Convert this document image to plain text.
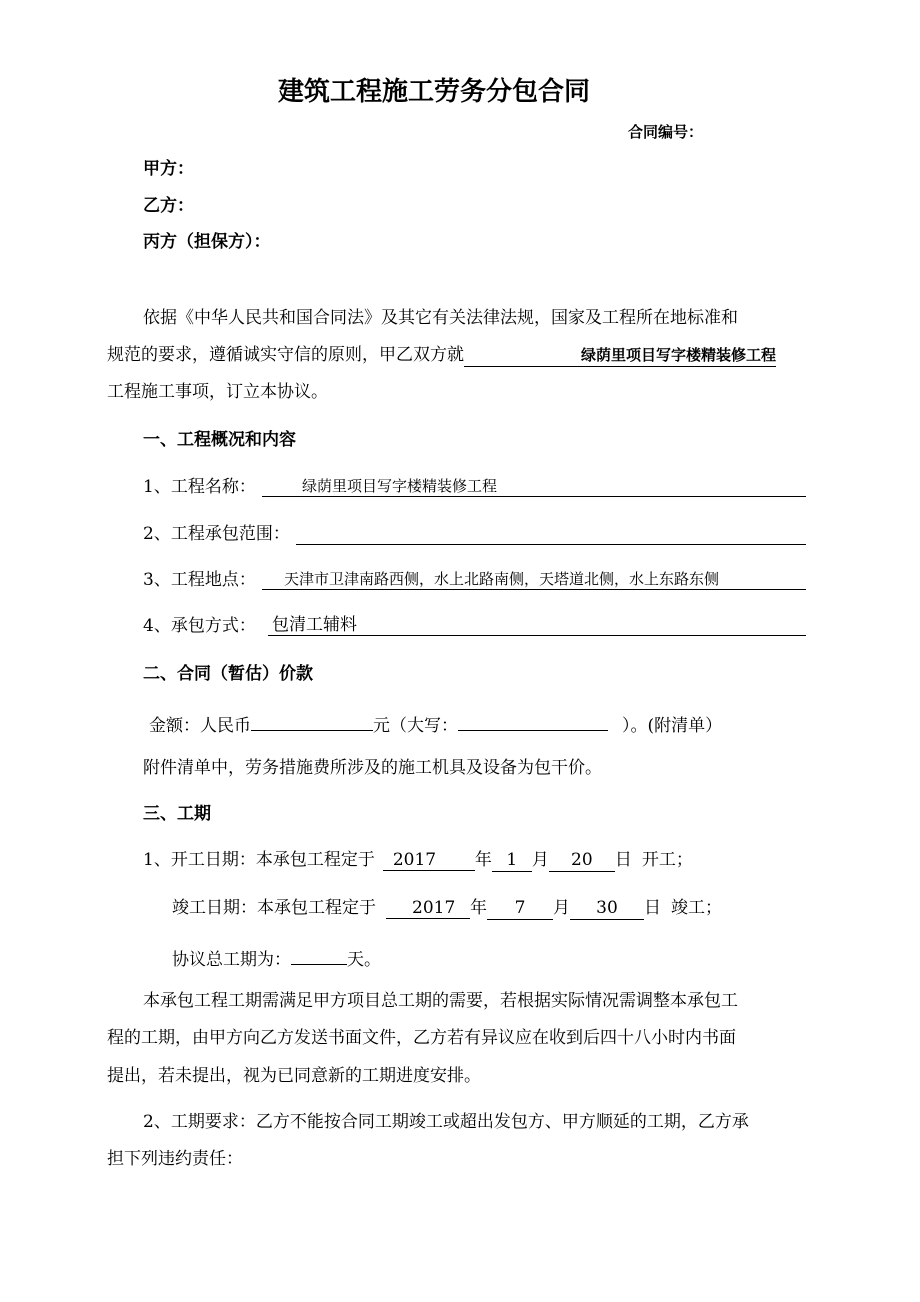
建筑工程施工劳务分包合同
合同编号：
甲方：
乙方：
丙方（担保方）：
依据《中华人民共和国合同法》及其它有关法律法规，国家及工程所在地标准和
规范的要求，遵循诚实守信的原则，甲乙双方就	绿荫里项目写字楼精装修工程
工程施工事项，订立本协议。
一、工程概况和内容
1、工程名称：	绿荫里项目写字楼精装修工程
2、工程承包范围：
3、工程地点：	天津市卫津南路西侧，水上北路南侧，天塔道北侧，水上东路东侧
4、承包方式： 包清工辅料
二、合同（暂估）价款
金额：人民币	元（大写：	）。(附清单）
附件清单中，劳务措施费所涉及的施工机具及设备为包干价。
三、工期
1、开工日期：本承包工程定于 2017 年 1 月 20 日 开工；
竣工日期：本承包工程定于 2017 年 7 月 30 日 竣工；
协议总工期为：	天。
本承包工程工期需满足甲方项目总工期的需要，若根据实际情况需调整本承包工
程的工期，由甲方向乙方发送书面文件，乙方若有异议应在收到后四十八小时内书面
提出，若未提出，视为已同意新的工期进度安排。
2、工期要求：乙方不能按合同工期竣工或超出发包方、甲方顺延的工期，乙方承
担下列违约责任：
